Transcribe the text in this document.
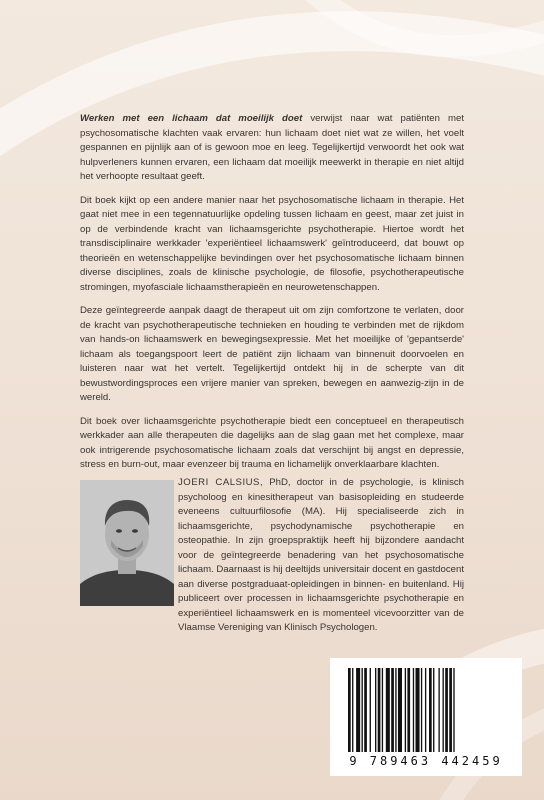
Werken met een lichaam dat moeilijk doet verwijst naar wat patiënten met psychosomatische klachten vaak ervaren: hun lichaam doet niet wat ze willen, het voelt gespannen en pijnlijk aan of is gewoon moe en leeg. Tegelijkertijd verwoordt het ook wat hulpverleners kunnen ervaren, een lichaam dat moeilijk meewerkt in therapie en niet altijd het verhoopte resultaat geeft.

Dit boek kijkt op een andere manier naar het psychosomatische lichaam in therapie. Het gaat niet mee in een tegennatuurlijke opdeling tussen lichaam en geest, maar zet juist in op de verbindende kracht van lichaamsgerichte psychotherapie. Hiertoe wordt het transdisciplinaire werkkader 'experiëntieel lichaamswerk' geïntroduceerd, dat bouwt op theorieën en wetenschappelijke bevindingen over het psychosomatische lichaam binnen diverse disciplines, zoals de klinische psychologie, de filosofie, psychotherapeutische stromingen, myofasciale lichaamstherapieën en neurowetenschappen.

Deze geïntegreerde aanpak daagt de therapeut uit om zijn comfortzone te verlaten, door de kracht van psychotherapeutische technieken en houding te verbinden met de rijkdom van hands-on lichaamswerk en bewegingsexpressie. Met het moeilijke of 'gepantserde' lichaam als toegangspoort leert de patiënt zijn lichaam van binnenuit doorvoelen en luisteren naar wat het vertelt. Tegelijkertijd ontdekt hij in de scherpte van dit bewustwordingsproces een vrijere manier van spreken, bewegen en aanwezig-zijn in de wereld.

Dit boek over lichaamsgerichte psychotherapie biedt een conceptueel en therapeutisch werkkader aan alle therapeuten die dagelijks aan de slag gaan met het complexe, maar ook intrigerende psychosomatische lichaam zoals dat verschijnt bij angst en depressie, stress en burn-out, maar evenzeer bij trauma en lichamelijk onverklaarbare klachten.

JOERI CALSIUS, PhD, doctor in de psychologie, is klinisch psycholoog en kinesitherapeut van basisopleiding en studeerde eveneens cultuurfilosofie (MA). Hij specialiseerde zich in lichaamsgerichte, psychodynamische psychotherapie en osteopathie. In zijn groepspraktijk heeft hij bijzondere aandacht voor de geïntegreerde benadering van het psychosomatische lichaam. Daarnaast is hij deeltijds universitair docent en gastdocent aan diverse postgraduaat-opleidingen in binnen- en buitenland. Hij publiceert over processen in lichaamsgerichte psychotherapie en experiëntieel lichaamswerk en is momenteel vicevoorzitter van de Vlaamse Vereniging van Klinisch Psychologen.

9 789463 442459
